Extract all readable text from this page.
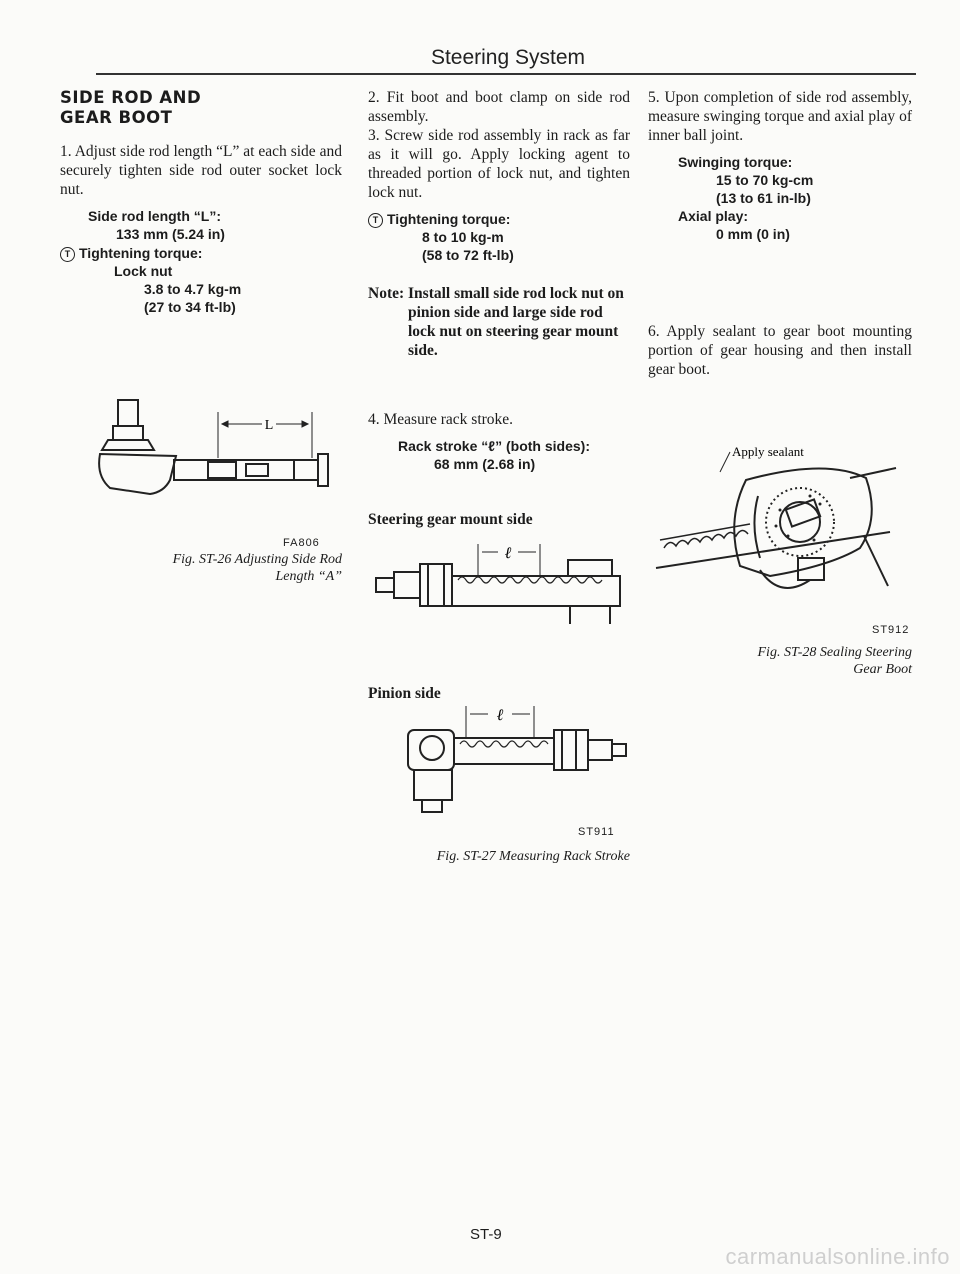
Steering System
SIDE ROD AND
GEAR BOOT

1. Adjust side rod length “L” at each side and securely tighten side rod outer socket lock nut.

Side rod length “L”:
133 mm (5.24 in)
T Tightening torque:
Lock nut
3.8 to 4.7 kg-m
(27 to 34 ft-lb)
L
FA806
Fig. ST-26 Adjusting Side Rod
Length “A”

2. Fit boot and boot clamp on side rod assembly.

3. Screw side rod assembly in rack as far as it will go. Apply locking agent to threaded portion of lock nut, and tighten lock nut.

T Tightening torque:
8 to 10 kg-m
(58 to 72 ft-lb)

Note: Install small side rod lock nut on pinion side and large side rod lock nut on steering gear mount side.

4. Measure rack stroke.

Rack stroke “ℓ” (both sides):
68 mm (2.68 in)
Steering gear mount side
ℓ
Pinion side
ℓ
ST911
Fig. ST-27 Measuring Rack Stroke

5. Upon completion of side rod assembly, measure swinging torque and axial play of inner ball joint.

Swinging torque:
15 to 70 kg-cm
(13 to 61 in-lb)
Axial play:
0 mm (0 in)

6. Apply sealant to gear boot mounting portion of gear housing and then install gear boot.

Apply sealant
ST912
Fig. ST-28 Sealing Steering
Gear Boot
ST-9
carmanualsonline.info
